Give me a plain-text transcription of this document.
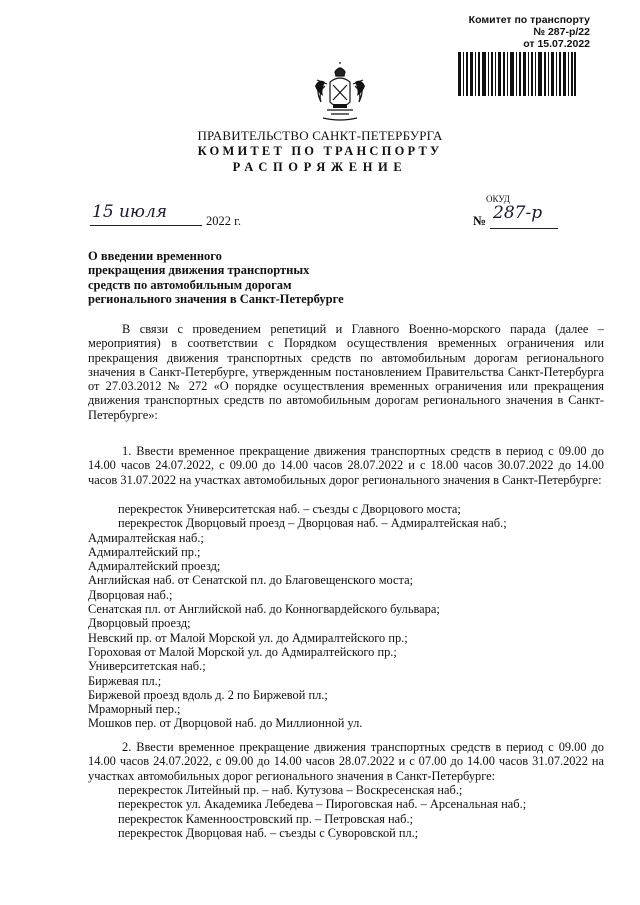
Комитет по транспорту
№ 287-р/22
от 15.07.2022
ПРАВИТЕЛЬСТВО САНКТ-ПЕТЕРБУРГА
КОМИТЕТ ПО ТРАНСПОРТУ
РАСПОРЯЖЕНИЕ
ОКУД
15 июля	2022 г.	№ 287-р
О введении временного
прекращения движения транспортных
средств по автомобильным дорогам
регионального значения в Санкт-Петербурге
В связи с проведением репетиций и Главного Военно-морского парада (далее – мероприятия) в соответствии с Порядком осуществления временных ограничения или прекращения движения транспортных средств по автомобильным дорогам регионального значения в Санкт-Петербурге, утвержденным постановлением Правительства Санкт-Петербурга от 27.03.2012 № 272 «О порядке осуществления временных ограничения или прекращения движения транспортных средств по автомобильным дорогам регионального значения в Санкт-Петербурге»:
1. Ввести временное прекращение движения транспортных средств в период с 09.00 до 14.00 часов 24.07.2022, с 09.00 до 14.00 часов 28.07.2022 и с 18.00 часов 30.07.2022 до 14.00 часов 31.07.2022 на участках автомобильных дорог регионального значения в Санкт-Петербурге:
перекресток Университетская наб. – съезды с Дворцового моста;
перекресток Дворцовый проезд – Дворцовая наб. – Адмиралтейская наб.;
Адмиралтейская наб.;
Адмиралтейский пр.;
Адмиралтейский проезд;
Английская наб. от Сенатской пл. до Благовещенского моста;
Дворцовая наб.;
Сенатская пл. от Английской наб. до Конногвардейского бульвара;
Дворцовый проезд;
Невский пр. от Малой Морской ул. до Адмиралтейского пр.;
Гороховая от Малой Морской ул. до Адмиралтейского пр.;
Университетская наб.;
Биржевая пл.;
Биржевой проезд вдоль д. 2 по Биржевой пл.;
Мраморный пер.;
Мошков пер. от Дворцовой наб. до Миллионной ул.
2. Ввести временное прекращение движения транспортных средств в период с 09.00 до 14.00 часов 24.07.2022, с 09.00 до 14.00 часов 28.07.2022 и с 07.00 до 14.00 часов 31.07.2022 на участках автомобильных дорог регионального значения в Санкт-Петербурге:
перекресток Литейный пр. – наб. Кутузова – Воскресенская наб.;
перекресток ул. Академика Лебедева – Пироговская наб. – Арсенальная наб.;
перекресток Каменноостровский пр. – Петровская наб.;
перекресток Дворцовая наб. – съезды с Суворовской пл.;
